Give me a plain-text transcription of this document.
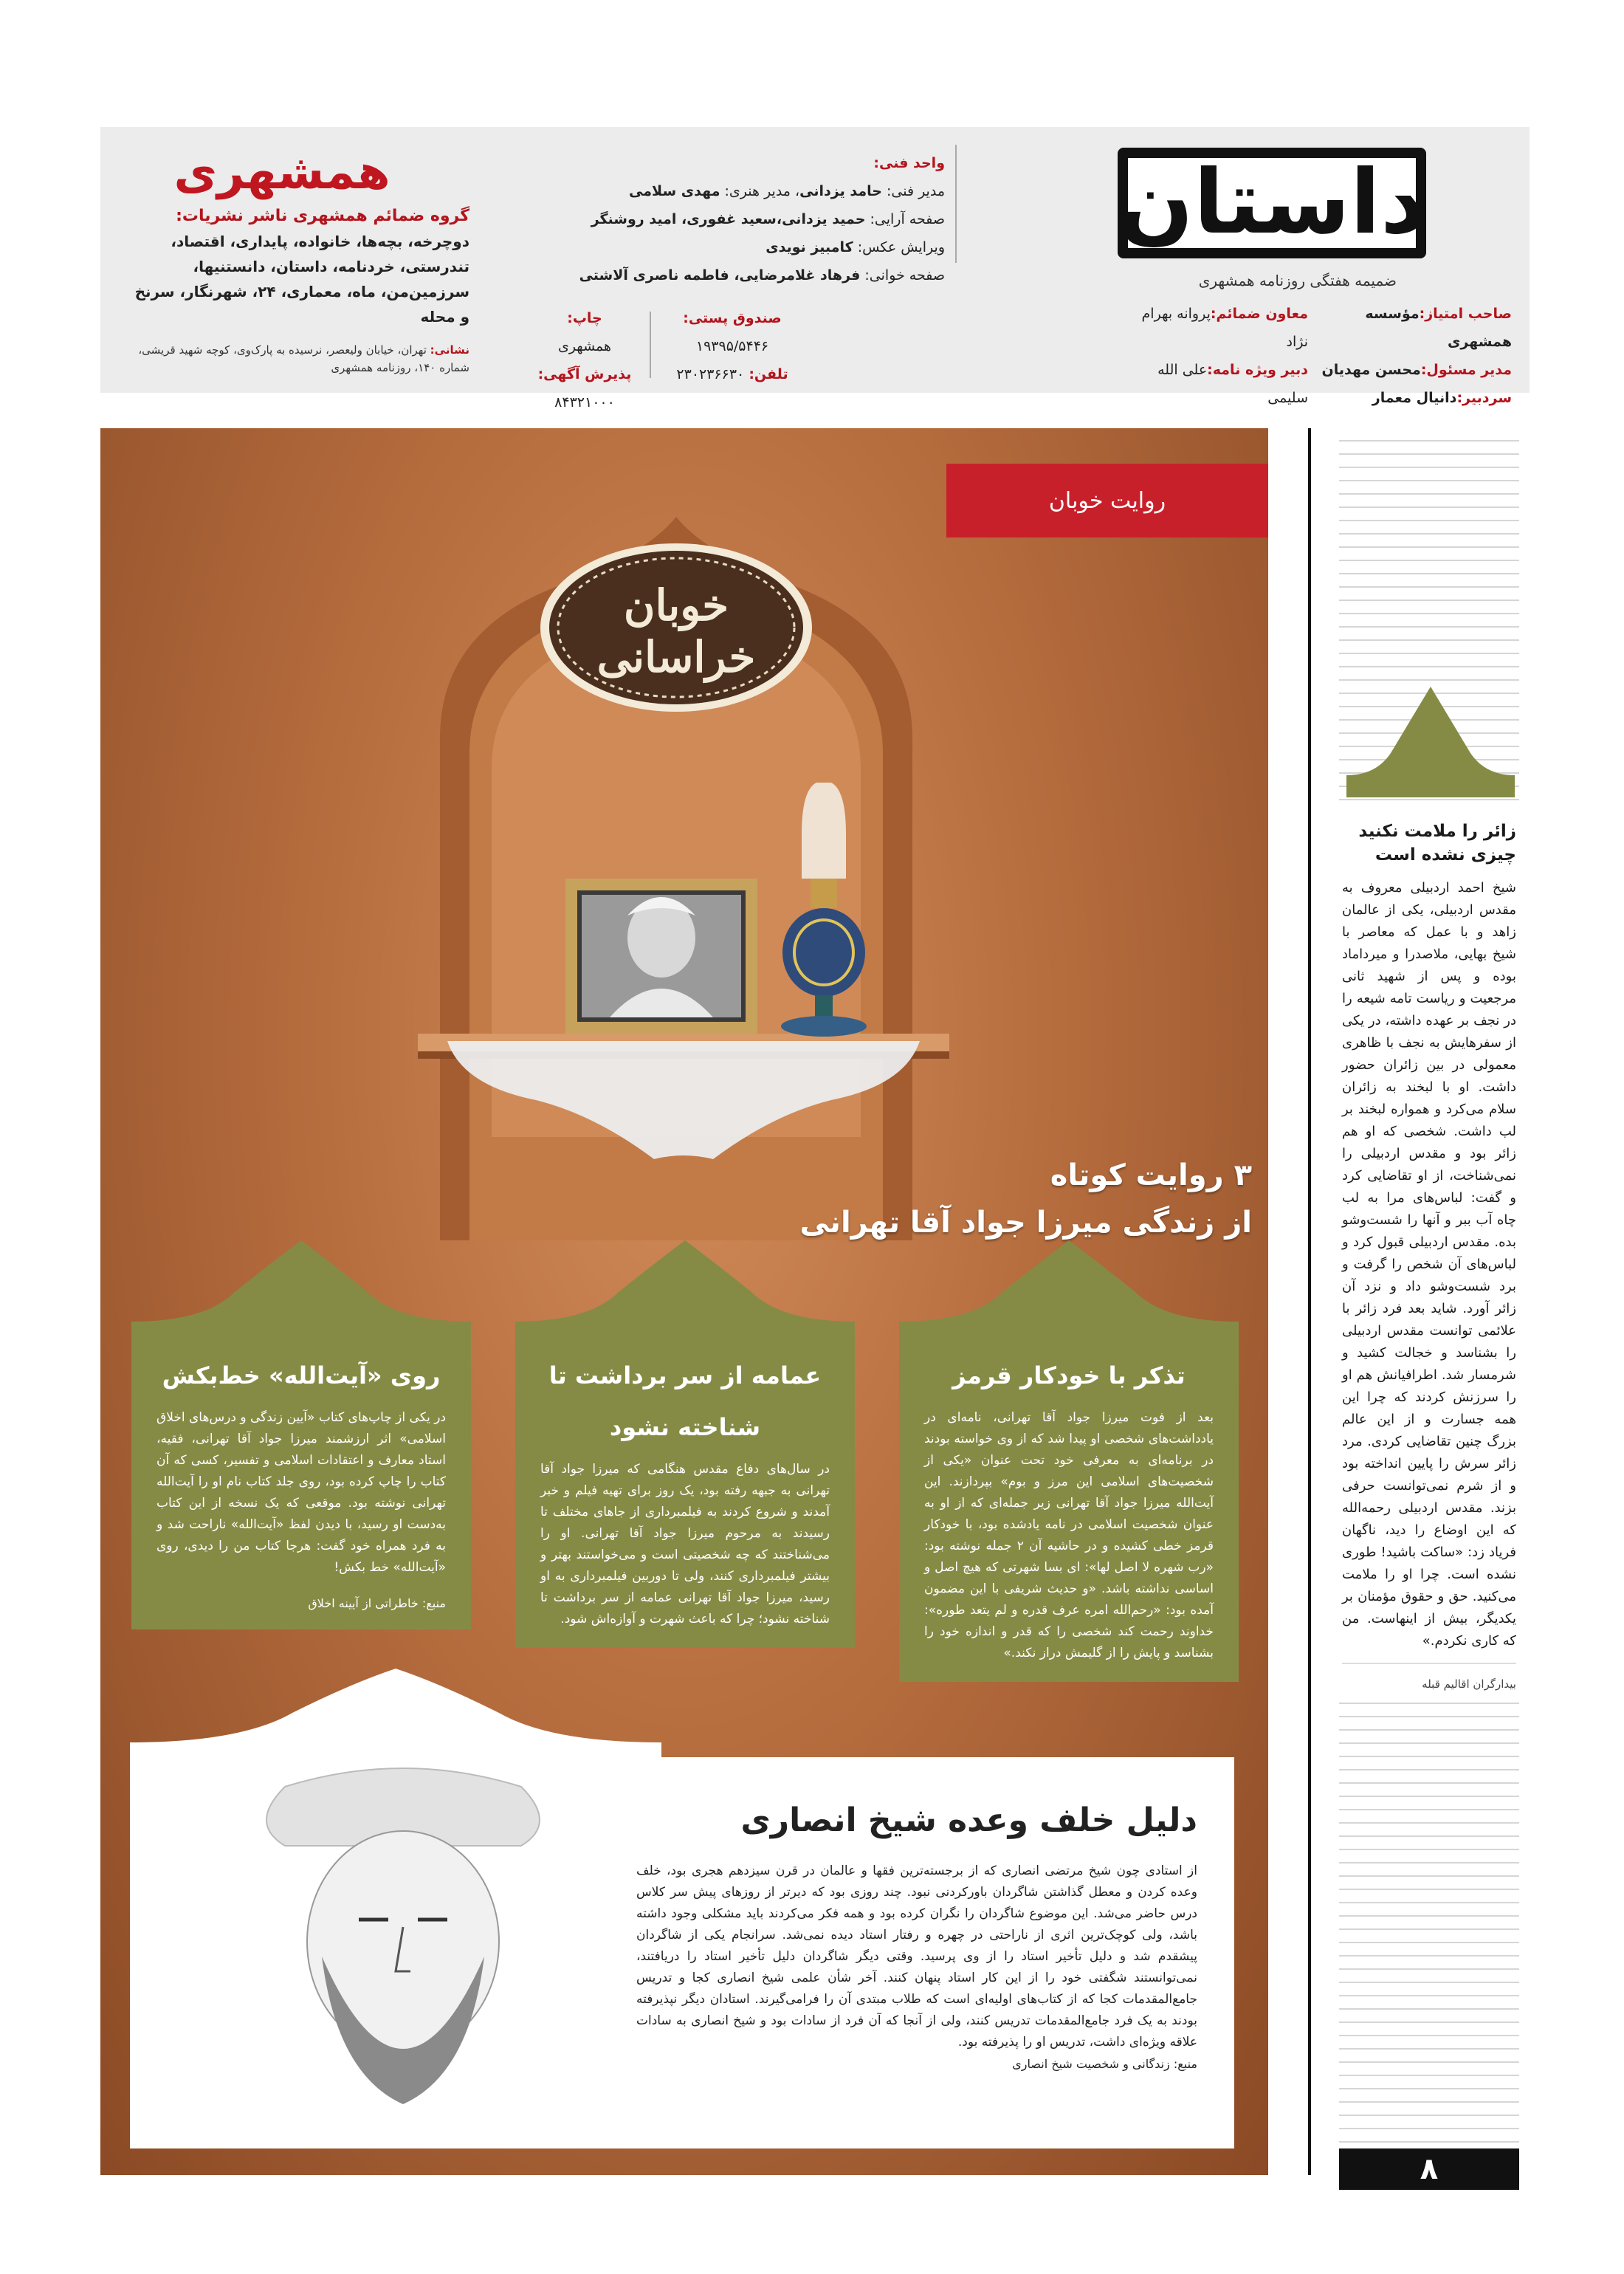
داستان
ضمیمه هفتگی روزنامه همشهری
صاحب امتیاز:مؤسسه همشهری
مدیر مسئول:محسن مهدیان
سردبیر:دانیال معمار
معاون ضمائم:پروانه بهرام نژاد
دبیر ویژه نامه:علی الله سلیمی
واحد فنی:
مدیر فنی: حامد یزدانی، مدیر هنری: مهدی سلامی
صفحه آرایی: حمید یزدانی،سعید غفوری، امید روشنگر
ویرایش عکس: کامبیز نویدی
صفحه خوانی: فرهاد غلامرضایی، فاطمه ناصری آلاشتی
صندوق پستی:
۱۹۳۹۵/۵۴۴۶
تلفن: ۲۳۰۲۳۶۶۳۰
چاپ:
همشهری
پذیرش آگهی: ۸۴۳۲۱۰۰۰
همشهری
گروه ضمائم همشهری ناشر نشریات:
دوچرخه، بچه‌ها، خانواده، پایداری، اقتصاد، تندرستی، خردنامه، داستان، دانستنیها، سرزمین‌من، ماه، معماری، ۲۴، شهرنگار، سرنخ و محله
نشانی: تهران، خیابان ولیعصر، نرسیده به پارک‌وی، کوچه شهید قریشی، شماره ۱۴۰، روزنامه همشهری
خوبان
خراسانی
روایت خوبان
۳ روایت کوتاه
از زندگی میرزا جواد آقا تهرانی
تذکر با خودکار قرمز
بعد از فوت میرزا جواد آقا تهرانی، نامه‌ای در یادداشت‌های شخصی او پیدا شد که از وی خواسته بودند در برنامه‌ای به معرفی خود تحت عنوان «یکی از شخصیت‌های اسلامی این مرز و بوم» بپردازند. این آیت‌الله میرزا جواد آقا تهرانی زیر جمله‌ای که از او به عنوان شخصیت اسلامی در نامه یادشده بود، با خودکار قرمز خطی کشیده و در حاشیه آن ۲ جمله نوشته بود: «رب شهره لا اصل لها»: ای بسا شهرتی که هیچ اصل و اساسی نداشته باشد. «و حدیث شریفی با این مضمون آمده بود: «رحم‌الله امره عرف قدره و لم یتعد طوره»: خداوند رحمت کند شخصی را که قدر و اندازه خود را بشناسد و پایش را از گلیمش دراز نکند.»
عمامه از سر برداشت تا شناخته نشود
در سال‌های دفاع مقدس هنگامی که میرزا جواد آقا تهرانی به جبهه رفته بود، یک روز برای تهیه فیلم و خبر آمدند و شروع کردند به فیلمبرداری از جاهای مختلف تا رسیدند به مرحوم میرزا جواد آقا تهرانی. او را می‌شناختند که چه شخصیتی است و می‌خواستند بهتر و بیشتر فیلمبرداری کنند، ولی تا دوربین فیلمبرداری به او رسید، میرزا جواد آقا تهرانی عمامه از سر برداشت تا شناخته نشود؛ چرا که باعث شهرت و آوازه‌اش شود.
روی «آیت‌الله» خط‌بکش
در یکی از چاپ‌های کتاب «آیین زندگی و درس‌های اخلاق اسلامی» اثر ارزشمند میرزا جواد آقا تهرانی، فقیه، استاد معارف و اعتقادات اسلامی و تفسیر، کسی که آن کتاب را چاپ کرده بود، روی جلد کتاب نام او را آیت‌الله تهرانی نوشته بود. موقعی که یک نسخه از این کتاب به‌دست او رسید، با دیدن لفظ «آیت‌الله» ناراحت شد و به فرد همراه خود گفت: هرجا کتاب من را دیدی، روی «آیت‌الله» خط بکش!
منبع: خاطراتی از آیینه اخلاق
دلیل خلف وعده شیخ انصاری
از استادی چون شیخ مرتضی انصاری که از برجسته‌ترین فقها و عالمان در قرن سیزدهم هجری بود، خلف وعده کردن و معطل گذاشتن شاگردان باورکردنی نبود. چند روزی بود که دیرتر از روزهای پیش سر کلاس درس حاضر می‌شد. این موضوع شاگردان را نگران کرده بود و همه فکر می‌کردند باید مشکلی وجود داشته باشد، ولی کوچک‌ترین اثری از ناراحتی در چهره و رفتار استاد دیده نمی‌شد. سرانجام یکی از شاگردان پیشقدم شد و دلیل تأخیر استاد را از وی پرسید. وقتی دیگر شاگردان دلیل تأخیر استاد را دریافتند، نمی‌توانستند شگفتی خود را از این کار استاد پنهان کنند. آخر شأن علمی شیخ انصاری کجا و تدریس جامع‌المقدمات کجا که از کتاب‌های اولیه‌ای است که طلاب مبتدی آن را فرامی‌گیرند. استادان دیگر نپذیرفته بودند به یک فرد جامع‌المقدمات تدریس کنند، ولی از آنجا که آن فرد از سادات بود و شیخ انصاری به سادات علاقه ویژه‌ای داشت، تدریس او را پذیرفته بود.
منبع: زندگانی و شخصیت شیخ انصاری
زائر را ملامت نکنید
چیزی نشده است
شیخ احمد اردبیلی معروف به مقدس اردبیلی، یکی از عالمان زاهد و با عمل که معاصر با شیخ بهایی، ملاصدرا و میرداماد بوده و پس از شهید ثانی مرجعیت و ریاست تامه شیعه را در نجف بر عهده داشته، در یکی از سفرهایش به نجف با ظاهری معمولی در بین زائران حضور داشت. او با لبخند به زائران سلام می‌کرد و همواره لبخند بر لب داشت. شخصی که او هم زائر بود و مقدس اردبیلی را نمی‌شناخت، از او تقاضایی کرد و گفت: لباس‌های مرا به لب چاه آب ببر و آنها را شست‌وشو بده. مقدس اردبیلی قبول کرد و لباس‌های آن شخص را گرفت و برد شست‌وشو داد و نزد آن زائر آورد. شاید بعد فرد زائر با علائمی توانست مقدس اردبیلی را بشناسد و خجالت کشید و شرمسار شد. اطرافیانش هم او را سرزنش کردند که چرا این همه جسارت و از این عالم بزرگ چنین تقاضایی کردی. مرد زائر سرش را پایین انداخته بود و از شرم نمی‌توانست حرفی بزند. مقدس اردبیلی رحمه‌الله که این اوضاع را دید، ناگهان فریاد زد: «ساکت باشید! طوری نشده است. چرا او را ملامت می‌کنید. حق و حقوق مؤمنان بر یکدیگر، بیش از اینهاست. من که کاری نکردم.»
بیدارگران اقالیم قبله
۸
